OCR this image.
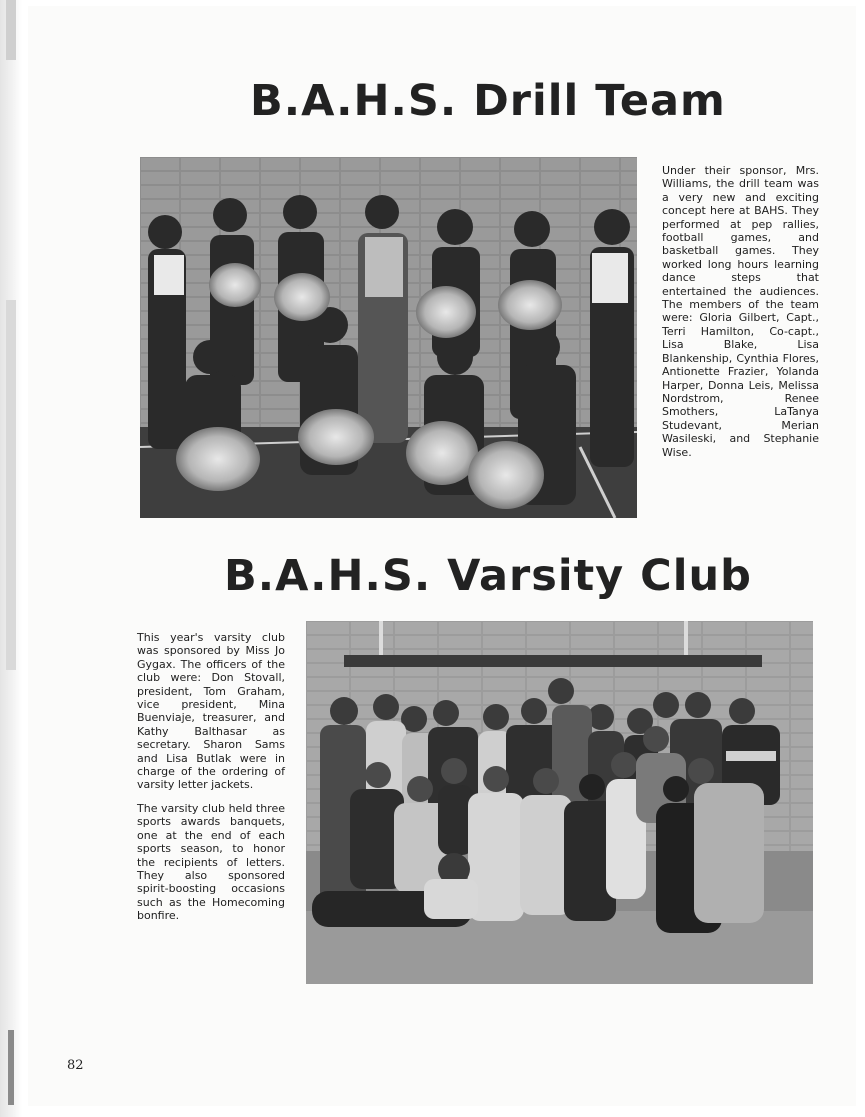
B.A.H.S. Drill Team

Under their sponsor, Mrs. Williams, the drill team was a very new and exciting concept here at BAHS. They performed at pep rallies, football games, and basketball games. They worked long hours learning dance steps that entertained the audiences. The members of the team were: Gloria Gilbert, Capt., Terri Hamilton, Co-capt., Lisa Blake, Lisa Blankenship, Cynthia Flores, Antionette Frazier, Yolanda Harper, Donna Leis, Melissa Nordstrom, Renee Smothers, LaTanya Studevant, Merian Wasileski, and Stephanie Wise.

B.A.H.S. Varsity Club

This year's varsity club was sponsored by Miss Jo Gygax. The officers of the club were: Don Stovall, president, Tom Graham, vice president, Mina Buenviaje, treasurer, and Kathy Balthasar as secretary. Sharon Sams and Lisa Butlak were in charge of the ordering of varsity letter jackets.

The varsity club held three sports awards banquets, one at the end of each sports season, to honor the recipients of letters. They also sponsored spirit-boosting occasions such as the Homecoming bonfire.

82
